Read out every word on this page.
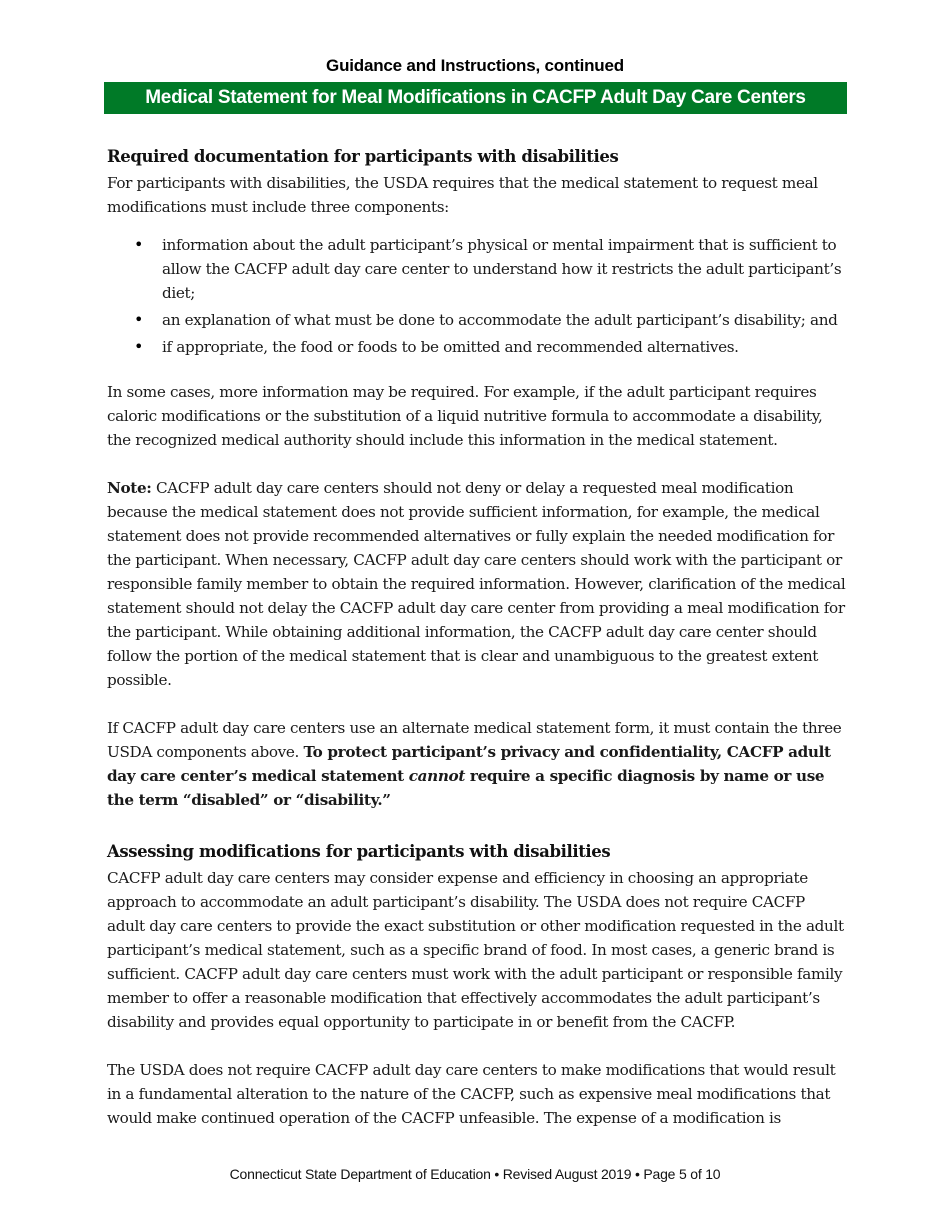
Guidance and Instructions, continued
Medical Statement for Meal Modifications in CACFP Adult Day Care Centers
Required documentation for participants with disabilities

For participants with disabilities, the USDA requires that the medical statement to request meal modifications must include three components:

• information about the adult participant’s physical or mental impairment that is sufficient to allow the CACFP adult day care center to understand how it restricts the adult participant’s diet;
• an explanation of what must be done to accommodate the adult participant’s disability; and
• if appropriate, the food or foods to be omitted and recommended alternatives.

In some cases, more information may be required. For example, if the adult participant requires caloric modifications or the substitution of a liquid nutritive formula to accommodate a disability, the recognized medical authority should include this information in the medical statement.

Note: CACFP adult day care centers should not deny or delay a requested meal modification because the medical statement does not provide sufficient information, for example, the medical statement does not provide recommended alternatives or fully explain the needed modification for the participant. When necessary, CACFP adult day care centers should work with the participant or responsible family member to obtain the required information. However, clarification of the medical statement should not delay the CACFP adult day care center from providing a meal modification for the participant. While obtaining additional information, the CACFP adult day care center should follow the portion of the medical statement that is clear and unambiguous to the greatest extent possible.

If CACFP adult day care centers use an alternate medical statement form, it must contain the three USDA components above. To protect participant’s privacy and confidentiality, CACFP adult day care center’s medical statement cannot require a specific diagnosis by name or use the term “disabled” or “disability.”

Assessing modifications for participants with disabilities

CACFP adult day care centers may consider expense and efficiency in choosing an appropriate approach to accommodate an adult participant’s disability. The USDA does not require CACFP adult day care centers to provide the exact substitution or other modification requested in the adult participant’s medical statement, such as a specific brand of food. In most cases, a generic brand is sufficient. CACFP adult day care centers must work with the adult participant or responsible family member to offer a reasonable modification that effectively accommodates the adult participant’s disability and provides equal opportunity to participate in or benefit from the CACFP.

The USDA does not require CACFP adult day care centers to make modifications that would result in a fundamental alteration to the nature of the CACFP, such as expensive meal modifications that would make continued operation of the CACFP unfeasible. The expense of a modification is

Connecticut State Department of Education • Revised August 2019 • Page 5 of 10
